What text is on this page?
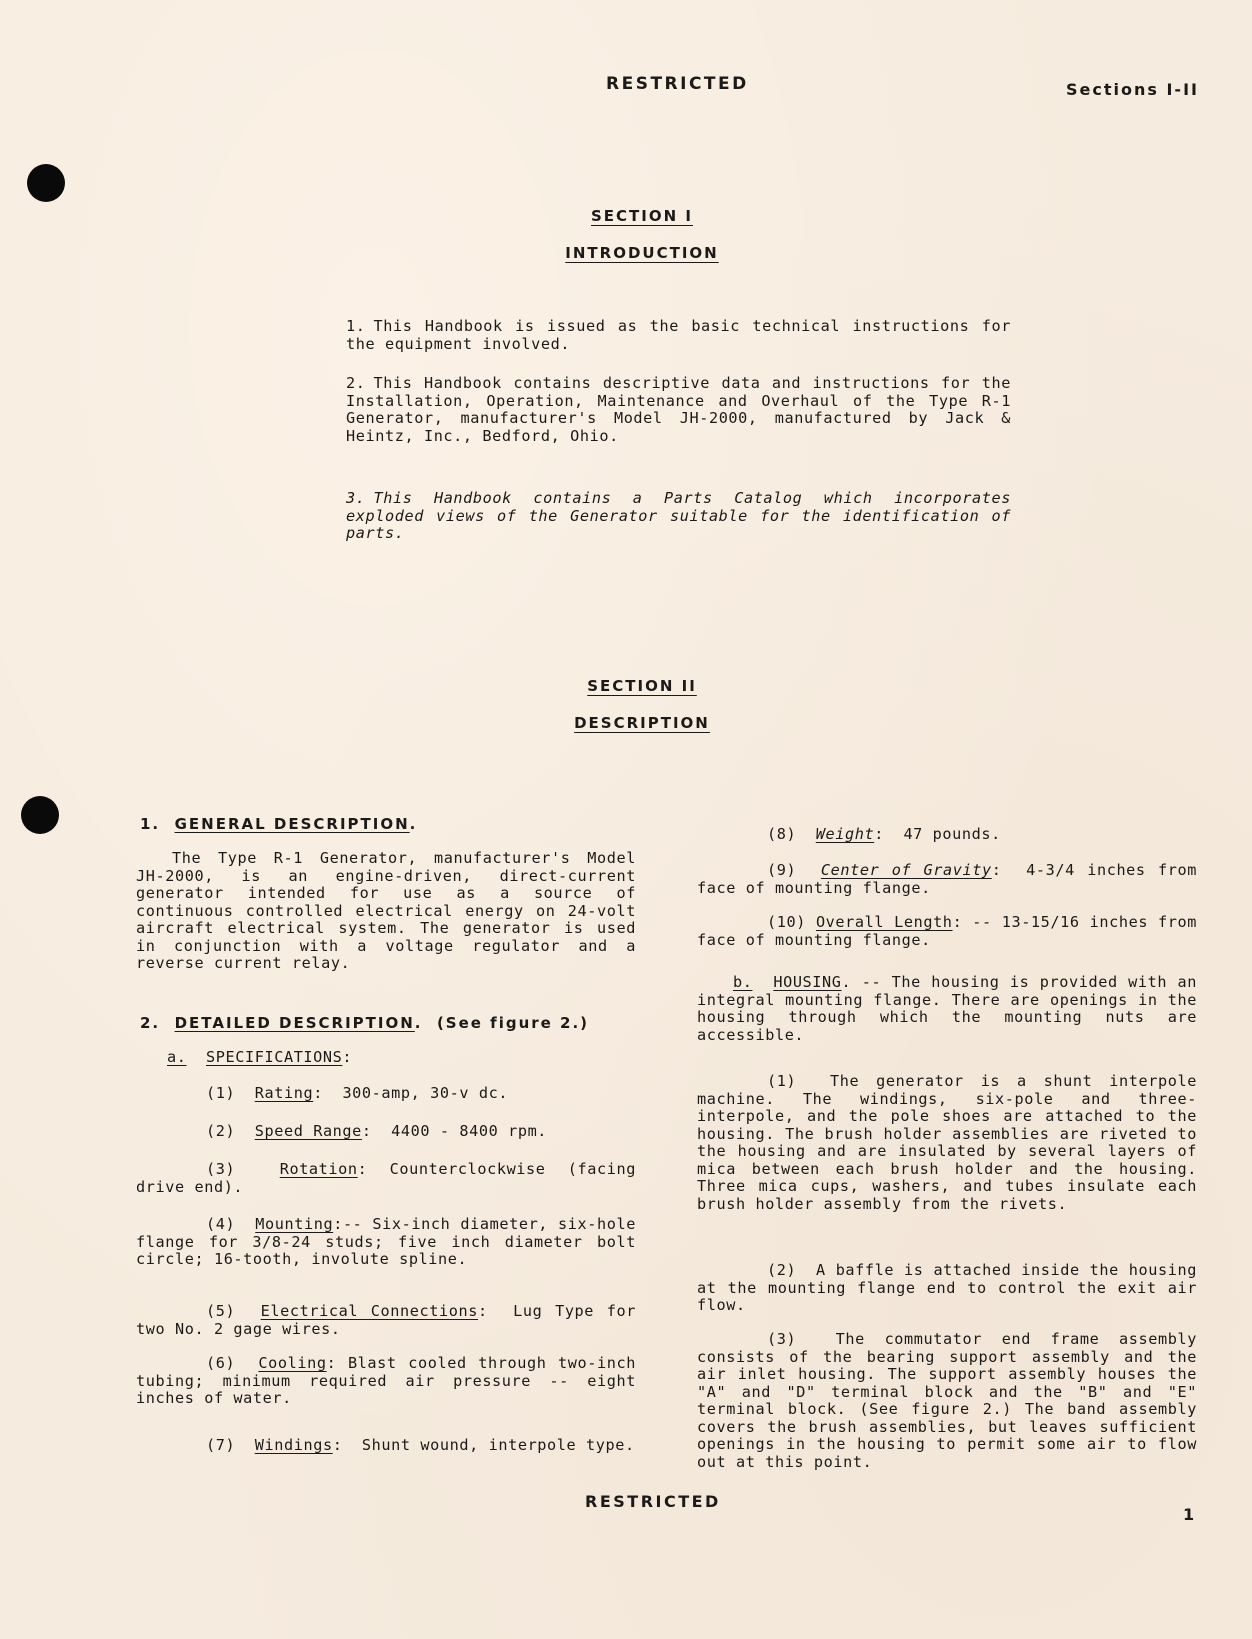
RESTRICTED	Sections I-II
SECTION I
INTRODUCTION
1. This Handbook is issued as the basic technical instructions for the equipment involved.
2. This Handbook contains descriptive data and instructions for the Installation, Operation, Maintenance and Overhaul of the Type R-1 Generator, manufacturer's Model JH-2000, manufactured by Jack & Heintz, Inc., Bedford, Ohio.
3. This Handbook contains a Parts Catalog which incorporates exploded views of the Generator suitable for the identification of parts.
SECTION II
DESCRIPTION
1. GENERAL DESCRIPTION.
The Type R-1 Generator, manufacturer's Model JH-2000, is an engine-driven, direct-current generator intended for use as a source of continuous controlled electrical energy on 24-volt aircraft electrical system. The generator is used in conjunction with a voltage regulator and a reverse current relay.
2. DETAILED DESCRIPTION.  (See figure 2.)
a. SPECIFICATIONS:
(1) Rating:  300-amp, 30-v dc.
(2) Speed Range:  4400 - 8400 rpm.
(3)	Rotation: Counterclockwise (facing drive end).
(4) Mounting:-- Six-inch diameter, six-hole flange for 3/8-24 studs; five inch diameter bolt circle; 16-tooth, involute spline.
(5) Electrical Connections:  Lug Type for two No. 2 gage wires.
(6) Cooling: Blast cooled through two-inch tubing; minimum required air pressure -- eight inches of water.
(7) Windings:  Shunt wound, interpole type.
(8) Weight:  47 pounds.
(9) Center of Gravity:  4-3/4 inches from face of mounting flange.
(10) Overall Length: -- 13-15/16 inches from face of mounting flange.
b. HOUSING. -- The housing is provided with an integral mounting flange. There are openings in the housing through which the mounting nuts are accessible.
(1) The generator is a shunt interpole machine. The windings, six-pole and three-interpole, and the pole shoes are attached to the housing. The brush holder assemblies are riveted to the housing and are insulated by several layers of mica between each brush holder and the housing. Three mica cups, washers, and tubes insulate each brush holder assembly from the rivets.
(2) A baffle is attached inside the housing at the mounting flange end to control the exit air flow.
(3)	The commutator end frame assembly consists of the bearing support assembly and the air inlet housing. The support assembly houses the "A" and "D" terminal block and the "B" and "E" terminal block. (See figure 2.) The band assembly covers the brush assemblies, but leaves sufficient openings in the housing to permit some air to flow out at this point.
RESTRICTED
1
